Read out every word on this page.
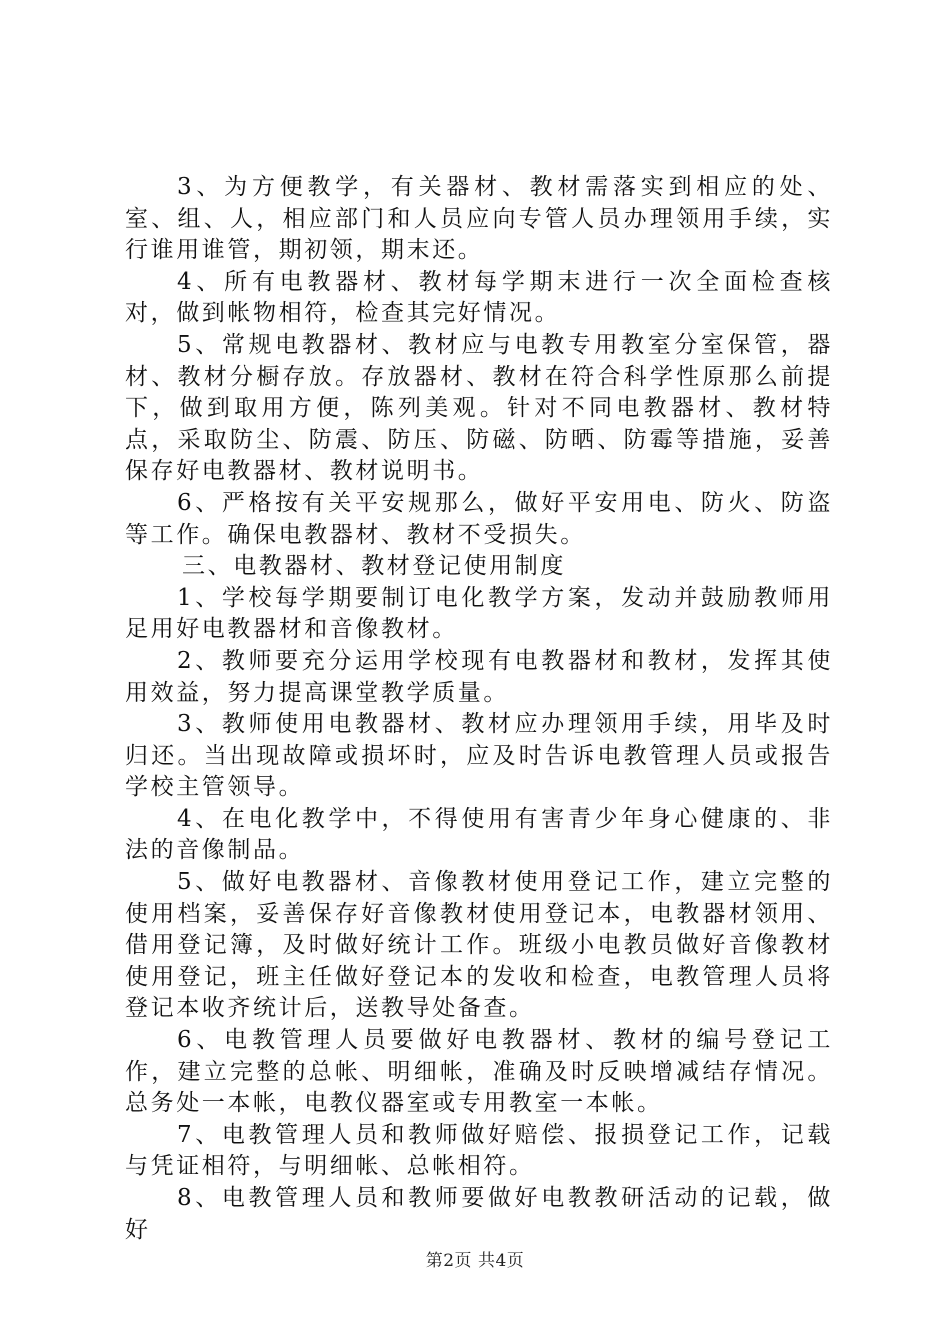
3、为方便教学，有关器材、教材需落实到相应的处、室、组、人，相应部门和人员应向专管人员办理领用手续，实行谁用谁管，期初领，期末还。

4、所有电教器材、教材每学期末进行一次全面检查核对，做到帐物相符，检查其完好情况。

5、常规电教器材、教材应与电教专用教室分室保管，器材、教材分橱存放。存放器材、教材在符合科学性原那么前提下，做到取用方便，陈列美观。针对不同电教器材、教材特点，采取防尘、防震、防压、防磁、防晒、防霉等措施，妥善保存好电教器材、教材说明书。

6、严格按有关平安规那么，做好平安用电、防火、防盗等工作。确保电教器材、教材不受损失。

三、电教器材、教材登记使用制度

1、学校每学期要制订电化教学方案，发动并鼓励教师用足用好电教器材和音像教材。

2、教师要充分运用学校现有电教器材和教材，发挥其使用效益，努力提高课堂教学质量。

3、教师使用电教器材、教材应办理领用手续，用毕及时归还。当出现故障或损坏时，应及时告诉电教管理人员或报告学校主管领导。

4、在电化教学中，不得使用有害青少年身心健康的、非法的音像制品。

5、做好电教器材、音像教材使用登记工作，建立完整的使用档案，妥善保存好音像教材使用登记本，电教器材领用、借用登记簿，及时做好统计工作。班级小电教员做好音像教材使用登记，班主任做好登记本的发收和检查，电教管理人员将登记本收齐统计后，送教导处备查。

6、电教管理人员要做好电教器材、教材的编号登记工作，建立完整的总帐、明细帐，准确及时反映增减结存情况。总务处一本帐，电教仪器室或专用教室一本帐。

7、电教管理人员和教师做好赔偿、报损登记工作，记载与凭证相符，与明细帐、总帐相符。

8、电教管理人员和教师要做好电教教研活动的记载，做好

第2页 共4页
